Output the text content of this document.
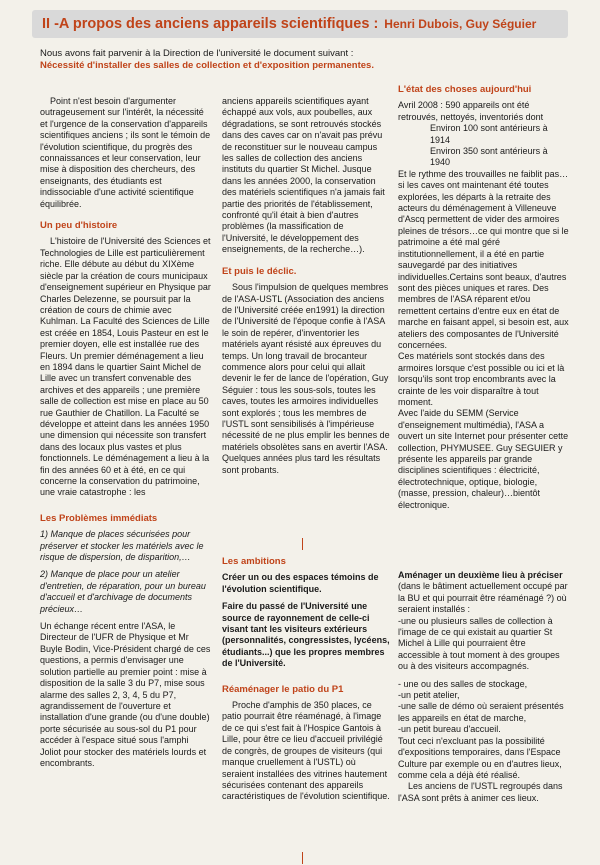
II -A propos des anciens appareils scientifiques : Henri Dubois, Guy Séguier
Nous avons fait parvenir à la Direction de l'université le document suivant :
Nécessité d'installer des salles de collection et d'exposition permanentes.

Point n'est besoin d'argumenter outrageusement sur l'intérêt, la nécessité et l'urgence de la conservation d'appareils scientifiques anciens ; ils sont le témoin de l'évolution scientifique, du progrès des connaissances et leur conservation, leur mise à disposition des chercheurs, des enseignants, des étudiants est indissociable d'une activité scientifique équilibrée.

Un peu d'histoire

L'histoire de l'Université des Sciences et Technologies de Lille est particulièrement riche. Elle débute au début du XIXème siècle par la création de cours municipaux d'enseignement supérieur en Physique par Charles Delezenne, se poursuit par la création de cours de chimie avec Kuhlman. La Faculté des Sciences de Lille est créée en 1854, Louis Pasteur en est le premier doyen, elle est installée rue des Fleurs. Un premier déménagement a lieu en 1894 dans le quartier Saint Michel de Lille avec un transfert convenable des archives et des appareils ; une première salle de collection est mise en place au 50 rue Gauthier de Chatillon. La Faculté se développe et atteint dans les années 1950 une dimension qui nécessite son transfert dans des locaux plus vastes et plus fonctionnels. Le déménagement a lieu à la fin des années 60 et à été, en ce qui concerne la conservation du patrimoine, une vraie catastrophe : les

Les Problèmes immédiats

1) Manque de places sécurisées pour préserver et stocker les matériels avec le risque de dispersion, de disparition,…

2) Manque de place pour un atelier d'entretien, de réparation, pour un bureau d'accueil et d'archivage de documents précieux…

Un échange récent entre l'ASA, le Directeur de l'UFR de Physique et Mr Buyle Bodin, Vice-Président chargé de ces questions, a permis d'envisager une solution partielle au premier point : mise à disposition de la salle 3 du P7, mise sous alarme des salles 2, 3, 4, 5 du P7, agrandissement de l'ouverture et installation d'une grande (ou d'une double) porte sécurisée au sous-sol du P1 pour accéder à l'espace situé sous l'amphi Joliot pour stocker des matériels lourds et encombrants.

anciens appareils scientifiques ayant échappé aux vols, aux poubelles, aux dégradations, se sont retrouvés stockés dans des caves car on n'avait pas prévu de reconstituer sur le nouveau campus les salles de collection des anciens instituts du quartier St Michel. Jusque dans les années 2000, la conservation des matériels scientifiques n'a jamais fait partie des priorités de l'établissement, confronté qu'il était à bien d'autres problèmes (la massification de l'Université, le développement des enseignements, de la recherche…).

Et puis le déclic.

Sous l'impulsion de quelques membres de l'ASA-USTL (Association des anciens de l'Université créée en1991) la direction de l'Université de l'époque confie à l'ASA le soin de repérer, d'inventorier les matériels ayant résisté aux épreuves du temps. Un long travail de brocanteur commence alors pour celui qui allait devenir le fer de lance de l'opération, Guy Séguier : tous les sous-sols, toutes les caves, toutes les armoires individuelles sont explorés ; tous les membres de l'USTL sont sensibilisés à l'impérieuse nécessité de ne plus emplir les bennes de matériels obsolètes sans en avertir l'ASA. Quelques années plus tard les résultats sont probants.

Les ambitions

Créer un ou des espaces témoins de l'évolution scientifique.

Faire du passé de l'Université une source de rayonnement de celle-ci visant tant les visiteurs extérieurs (personnalités, congressistes, lycéens, étudiants...) que les propres membres de l'Université.

Réaménager le patio du P1

Proche d'amphis de 350 places, ce patio pourrait être réaménagé, à l'image de ce qui s'est fait à l'Hospice Gantois à Lille, pour être ce lieu d'accueil privilégié de congrès, de groupes de visiteurs (qui manque cruellement à l'USTL) où seraient installées des vitrines hautement sécurisées contenant des appareils caractéristiques de l'évolution scientifique.

L'état des choses aujourd'hui

Avril 2008 : 590 appareils ont été retrouvés, nettoyés, inventoriés dont

Environ 100 sont antérieurs à 1914

Environ 350 sont antérieurs à 1940

Et le rythme des trouvailles ne faiblit pas…si les caves ont maintenant été toutes explorées, les départs à la retraite des acteurs du déménagement à Villeneuve d'Ascq permettent de vider des armoires pleines de trésors…ce qui montre que si le patrimoine a été mal géré institutionnellement, il a été en partie sauvegardé par des initiatives individuelles.Certains sont beaux, d'autres sont des pièces uniques et rares. Des membres de l'ASA réparent et/ou remettent certains d'entre eux en état de marche en faisant appel, si besoin est, aux ateliers des composantes de l'Université concernées.

Ces matériels sont stockés dans des armoires lorsque c'est possible ou ici et là lorsqu'ils sont trop encombrants avec la crainte de les voir disparaître à tout moment.

Avec l'aide du SEMM (Service d'enseignement multimédia), l'ASA a ouvert un site Internet pour présenter cette collection, PHYMUSEE. Guy SEGUIER y présente les appareils par grande disciplines scientifiques : électricité, électrotechnique, optique, biologie, (masse, pression, chaleur)…bientôt électronique.

Aménager un deuxième lieu à préciser (dans le bâtiment actuellement occupé par la BU et qui pourrait être réaménagé ?) où seraient installés :

-une ou plusieurs salles de collection à l'image de ce qui existait au quartier St Michel à Lille qui pourraient être accessible à tout moment à des groupes ou à des visiteurs accompagnés.

- une ou des salles de stockage,
-un petit atelier,
-une salle de démo où seraient présentés les appareils en état de marche,
-un petit bureau d'accueil.

Tout ceci n'excluant pas la possibilité d'expositions temporaires, dans l'Espace Culture par exemple ou en d'autres lieux, comme cela a déjà été réalisé.

Les anciens de l'USTL regroupés dans l'ASA sont prêts à animer ces lieux.
